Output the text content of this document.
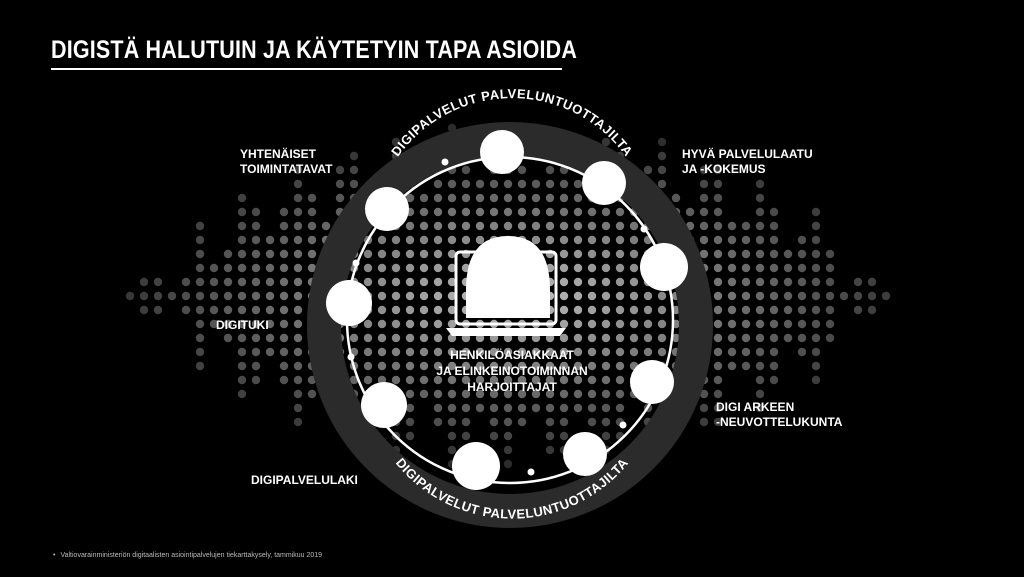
DIGISTÄ HALUTUIN JA KÄYTETYIN TAPA ASIOIDA
DIGIPALVELUT PALVELUNTUOTTAJILTA
DIGIPALVELUT PALVELUNTUOTTAJILTA
HENKILÖASIAKKAAT
JA ELINKEINOTOIMINNAN
HARJOITTAJAT
YHTENÄISET
TOIMINTATAVAT
HYVÄ PALVELULAATU
JA -KOKEMUS
DIGITUKI
DIGI ARKEEN
-NEUVOTTELUKUNTA
DIGIPALVELULAKI
• Valtiovarainministeriön digitaalisten asiointipalvelujen tiekarttakysely, tammikuu 2019
